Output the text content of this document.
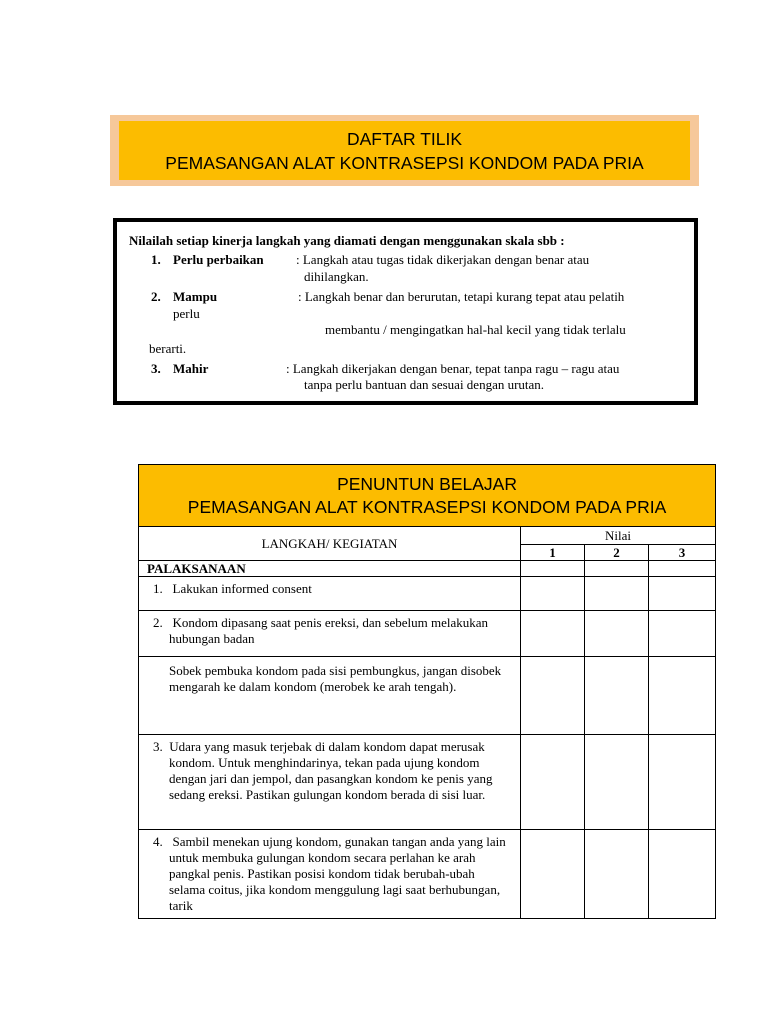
DAFTAR TILIK
PEMASANGAN ALAT KONTRASEPSI KONDOM PADA PRIA
Nilailah setiap kinerja langkah yang diamati dengan menggunakan skala sbb :
1. Perlu perbaikan : Langkah atau tugas tidak dikerjakan dengan benar atau
dihilangkan.
2. Mampu	: Langkah benar dan berurutan, tetapi kurang tepat atau pelatih
perlu
membantu / mengingatkan hal-hal kecil yang tidak terlalu
berarti.
3. Mahir	: Langkah dikerjakan dengan benar, tepat tanpa ragu – ragu atau
tanpa perlu bantuan dan sesuai dengan urutan.
PENUNTUN BELAJAR
PEMASANGAN ALAT KONTRASEPSI KONDOM PADA PRIA			

LANGKAH/ KEGIATAN	Nilai		
	1	2	3
PALAKSANAAN			

1. Lakukan informed consent			

2. Kondom dipasang saat penis ereksi, dan sebelum melakukan hubungan badan			

Sobek pembuka kondom pada sisi pembungkus, jangan disobek mengarah ke dalam kondom (merobek ke arah tengah).			

3. Udara yang masuk terjebak di dalam kondom dapat merusak kondom. Untuk menghindarinya, tekan pada ujung kondom dengan jari dan jempol, dan pasangkan kondom ke penis yang sedang ereksi. Pastikan gulungan kondom berada di sisi luar.			

4. Sambil menekan ujung kondom, gunakan tangan anda yang lain untuk membuka gulungan kondom secara perlahan ke arah pangkal penis. Pastikan posisi kondom tidak berubah-ubah selama coitus, jika kondom menggulung lagi saat berhubungan, tarik			
